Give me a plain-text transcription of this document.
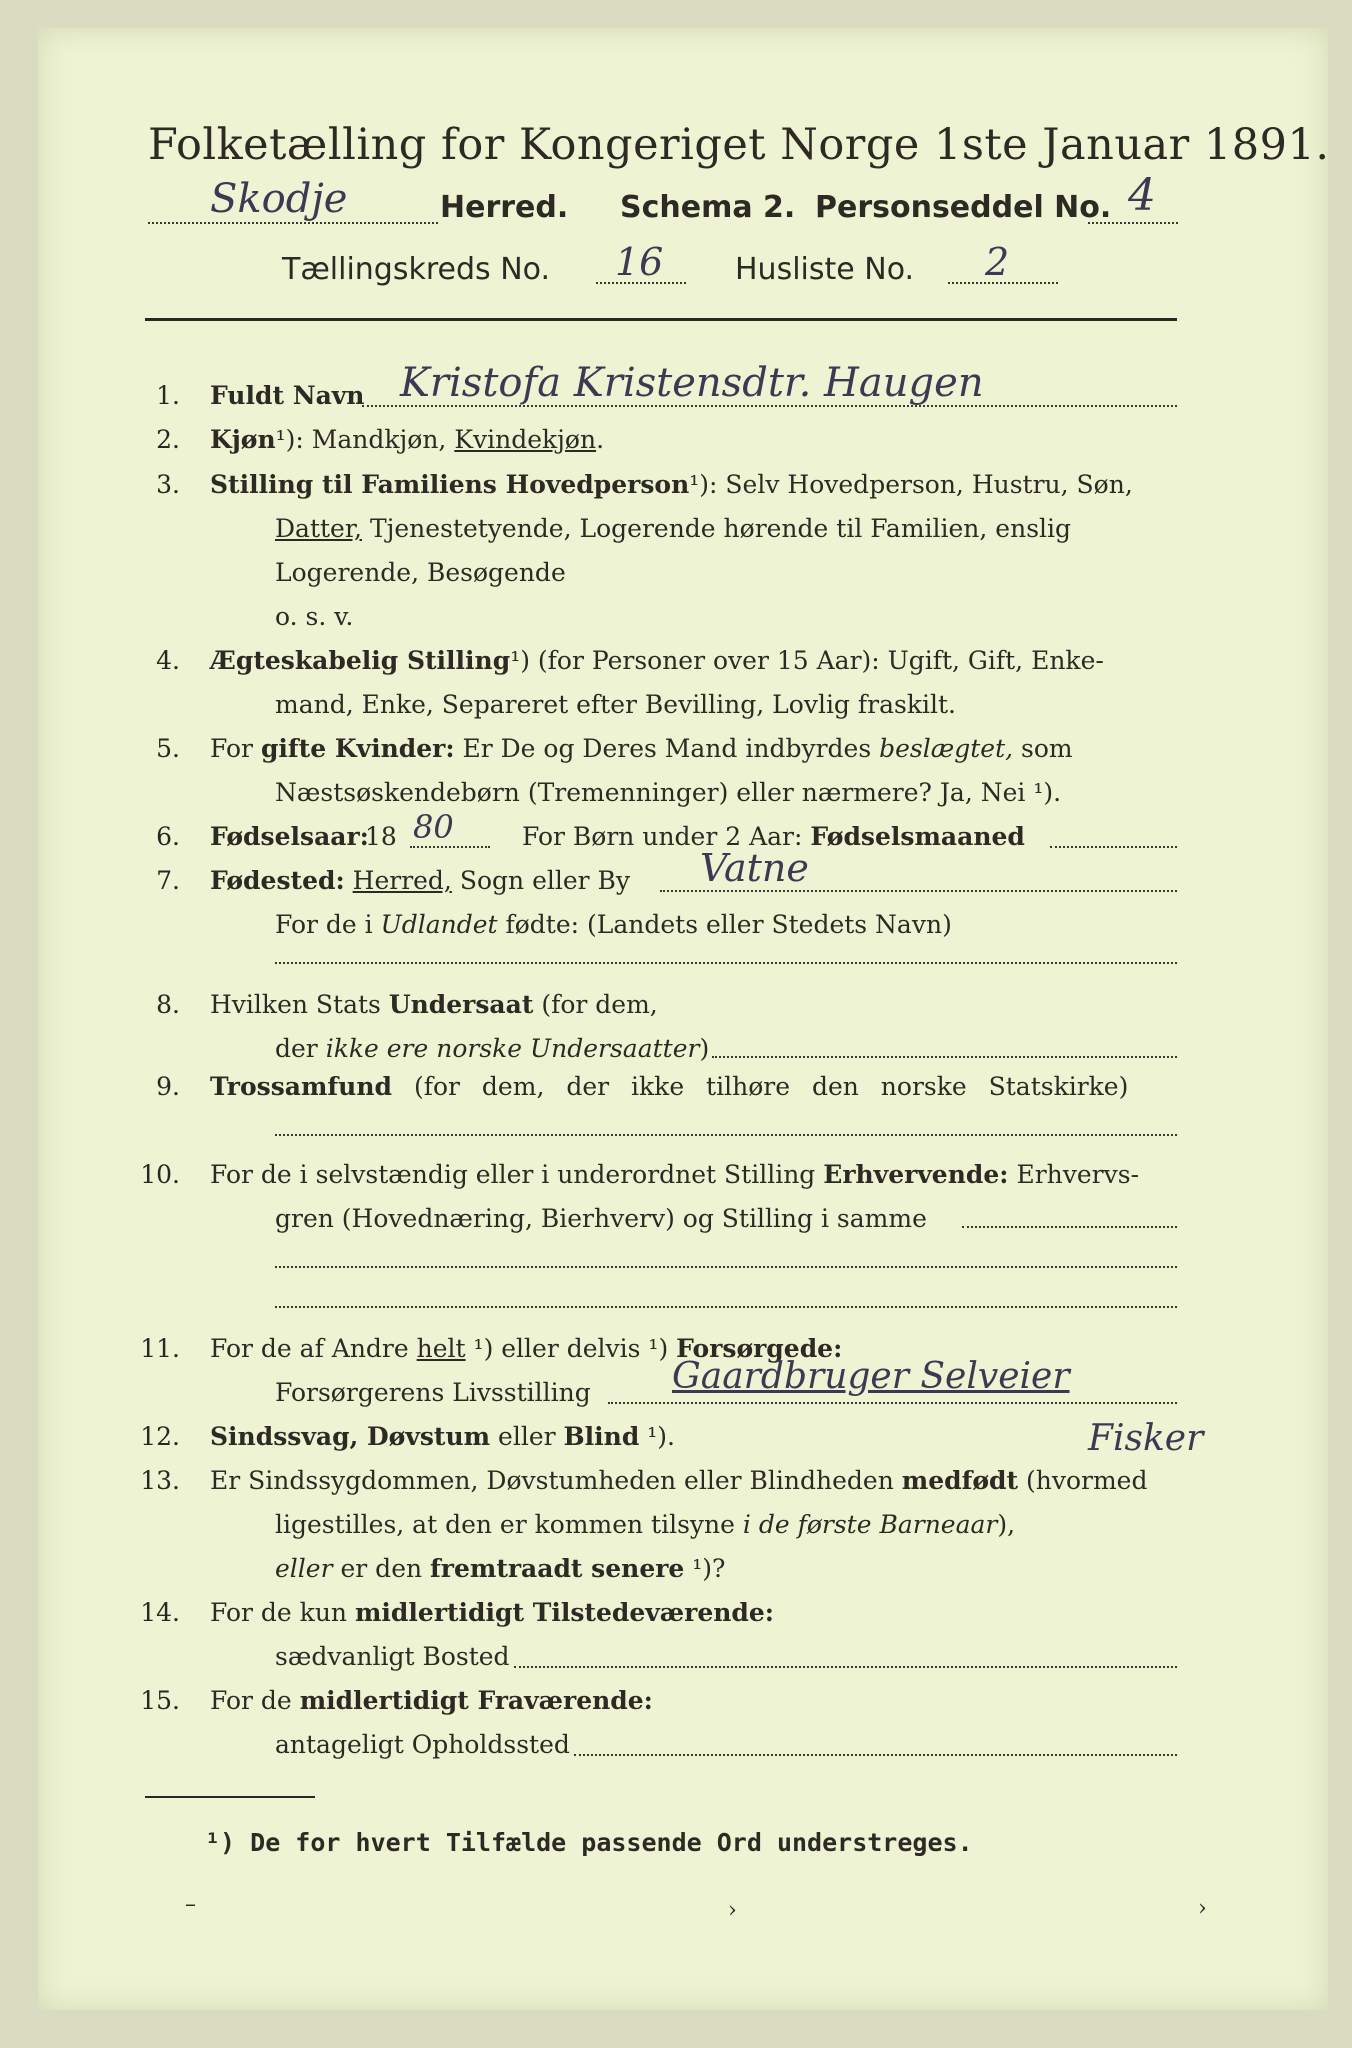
Folketælling for Kongeriget Norge 1ste Januar 1891.
Skodje	Herred. Schema 2. Personseddel No. 4
Tællingskreds No. 16 Husliste No. 2
1. Fuldt Navn Kristofa Kristensdtr. Haugen
2. Kjøn¹): Mandkjøn, Kvindekjøn.
3. Stilling til Familiens Hovedperson¹): Selv Hovedperson, Hustru, Søn,
Datter, Tjenestetyende, Logerende hørende til Familien, enslig
Logerende, Besøgende
o. s. v.
4. Ægteskabelig Stilling¹) (for Personer over 15 Aar): Ugift, Gift, Enke-
mand, Enke, Separeret efter Bevilling, Lovlig fraskilt.
5. For gifte Kvinder: Er De og Deres Mand indbyrdes beslægtet, som
Næstsøskendebørn (Tremenninger) eller nærmere? Ja, Nei ¹).
6. Fødselsaar:
18 80	For Børn under 2 Aar: Fødselsmaaned
7. Fødested: Herred, Sogn eller By Vatne
For de i Udlandet fødte: (Landets eller Stedets Navn)
8. Hvilken Stats Undersaat (for dem,
der ikke ere norske Undersaatter)
9. Trossamfund (for dem, der ikke tilhøre den norske Statskirke)
10. For de i selvstændig eller i underordnet Stilling Erhvervende: Erhvervs-
gren (Hovednæring, Bierhverv) og Stilling i samme
11. For de af Andre helt ¹) eller delvis ¹) Forsørgede:
Forsørgerens Livsstilling Gaardbruger Selveier
Fisker
12. Sindssvag, Døvstum eller Blind ¹).
13. Er Sindssygdommen, Døvstumheden eller Blindheden medfødt (hvormed
ligestilles, at den er kommen tilsyne i de første Barneaar),
eller er den fremtraadt senere ¹)?
14. For de kun midlertidigt Tilstedeværende:
sædvanligt Bosted
15. For de midlertidigt Fraværende:
antageligt Opholdssted
¹) De for hvert Tilfælde passende Ord understreges.
–	›	›
